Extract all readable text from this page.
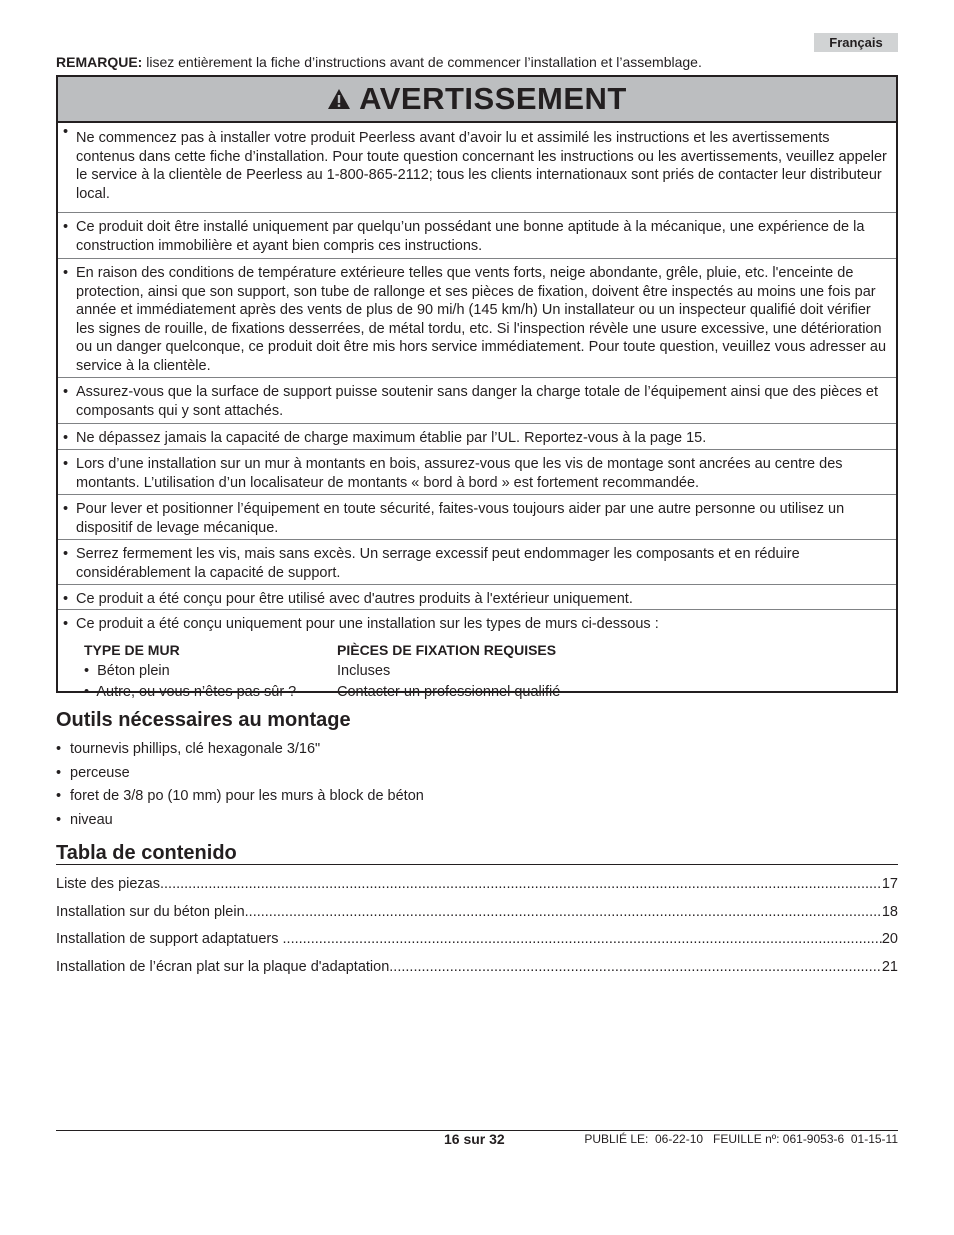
Français
REMARQUE: lisez entièrement la fiche d’instructions avant de commencer l’installation et l’assemblage.
AVERTISSEMENT
• Ne commencez pas à installer votre produit Peerless avant d’avoir lu et assimilé les instructions et les avertissements contenus dans cette fiche d’installation. Pour toute question concernant les instructions ou les avertissements, veuillez appeler le service à la clientèle de Peerless au 1-800-865-2112; tous les clients internationaux sont priés de contacter leur distributeur local.
• Ce produit doit être installé uniquement par quelqu’un possédant une bonne aptitude à la mécanique, une expérience de la construction immobilière et ayant bien compris ces instructions.
• En raison des conditions de température extérieure telles que vents forts, neige abondante, grêle, pluie, etc. l'enceinte de protection, ainsi que son support, son tube de rallonge et ses pièces de fixation, doivent être inspectés au moins une fois par année et immédiatement après des vents de plus de 90 mi/h (145 km/h) Un installateur ou un inspecteur qualifié doit vérifier les signes de rouille, de fixations desserrées, de métal tordu, etc. Si l'inspection révèle une usure excessive, une détérioration ou un danger quelconque, ce produit doit être mis hors service immédiatement. Pour toute question, veuillez vous adresser au service à la clientèle.
• Assurez-vous que la surface de support puisse soutenir sans danger la charge totale de l’équipement ainsi que des pièces et composants qui y sont attachés.
• Ne dépassez jamais la capacité de charge maximum établie par l’UL. Reportez-vous à la page 15.
• Lors d’une installation sur un mur à montants en bois, assurez-vous que les vis de montage sont ancrées au centre des montants. L’utilisation d’un localisateur de montants « bord à bord » est fortement recommandée.
• Pour lever et positionner l’équipement en toute sécurité, faites-vous toujours aider par une autre personne ou utilisez un dispositif de levage mécanique.
• Serrez fermement les vis, mais sans excès. Un serrage excessif peut endommager les composants et en réduire considérablement la capacité de support.
• Ce produit a été conçu pour être utilisé avec d'autres produits à l'extérieur uniquement.
• Ce produit a été conçu uniquement pour une installation sur les types de murs ci-dessous :
TYPE DE MUR	PIÈCES DE FIXATION REQUISES
•  Béton plein	Incluses
•  Autre, ou vous n’êtes pas sûr ?	Contacter un professionnel qualifié
Outils nécessaires au montage
• tournevis phillips, clé hexagonale 3/16"
• perceuse
• foret de 3/8 po (10 mm) pour les murs à block de béton
• niveau
Tabla de contenido
Liste des piezas .....	17
Installation sur du béton plein .....	18
Installation de support adaptatuers .....	20
Installation de l’écran plat sur la plaque d'adaptation .....	21
16 sur 32	PUBLIÉ LE:  06-22-10   FEUILLE nº: 061-9053-6  01-15-11
